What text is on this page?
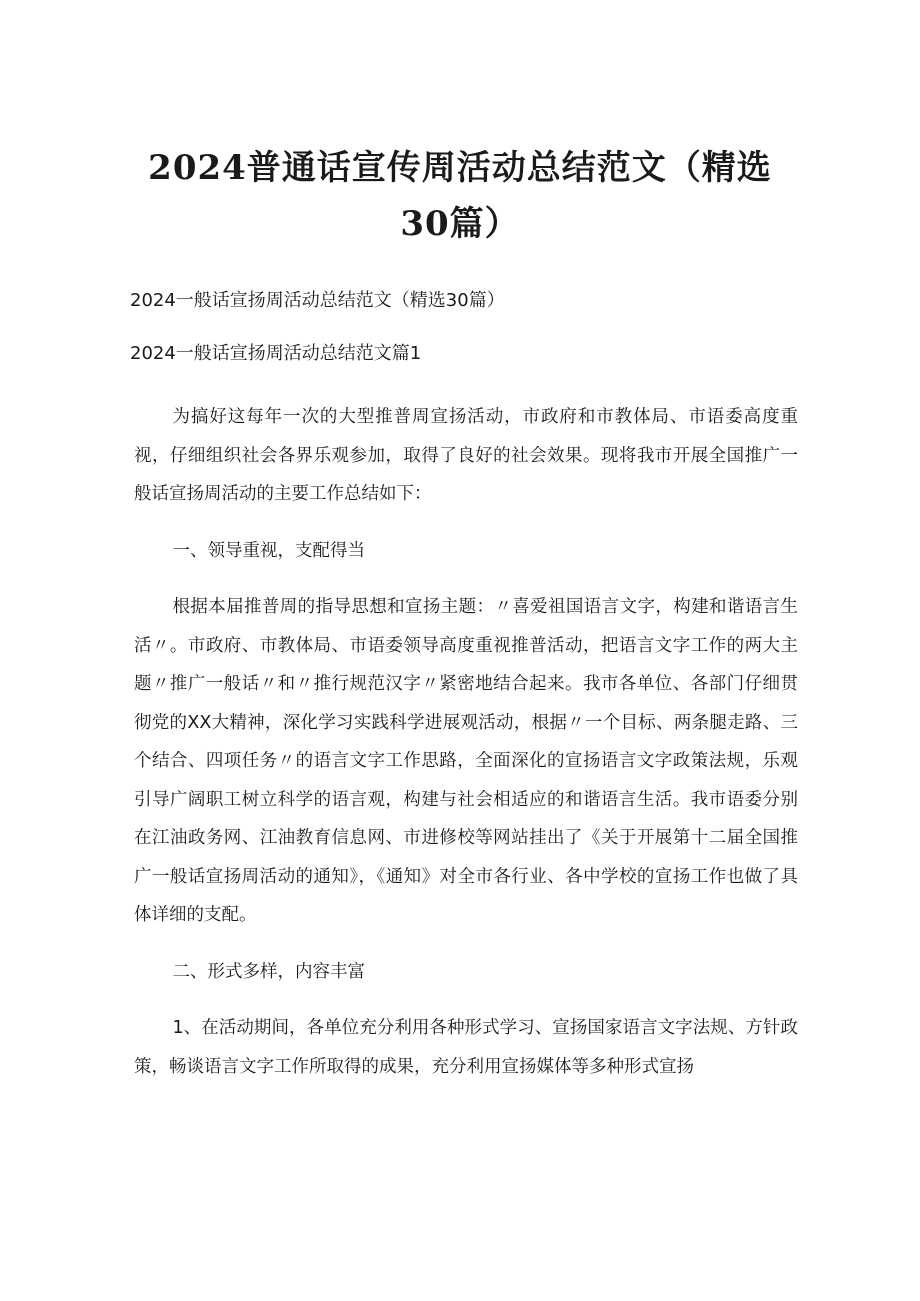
2024普通话宣传周活动总结范文（精选30篇）

2024一般话宣扬周活动总结范文（精选30篇）

2024一般话宣扬周活动总结范文篇1

为搞好这每年一次的大型推普周宣扬活动，市政府和市教体局、市语委高度重视，仔细组织社会各界乐观参加，取得了良好的社会效果。现将我市开展全国推广一般话宣扬周活动的主要工作总结如下：

一、领导重视，支配得当

根据本届推普周的指导思想和宣扬主题：〃喜爱祖国语言文字，构建和谐语言生活〃。市政府、市教体局、市语委领导高度重视推普活动，把语言文字工作的两大主题〃推广一般话〃和〃推行规范汉字〃紧密地结合起来。我市各单位、各部门仔细贯彻党的XX大精神，深化学习实践科学进展观活动，根据〃一个目标、两条腿走路、三个结合、四项任务〃的语言文字工作思路，全面深化的宣扬语言文字政策法规，乐观引导广阔职工树立科学的语言观，构建与社会相适应的和谐语言生活。我市语委分别在江油政务网、江油教育信息网、市进修校等网站挂出了《关于开展第十二届全国推广一般话宣扬周活动的通知》，《通知》对全市各行业、各中学校的宣扬工作也做了具体详细的支配。

二、形式多样，内容丰富

1、在活动期间，各单位充分利用各种形式学习、宣扬国家语言文字法规、方针政策，畅谈语言文字工作所取得的成果，充分利用宣扬媒体等多种形式宣扬
